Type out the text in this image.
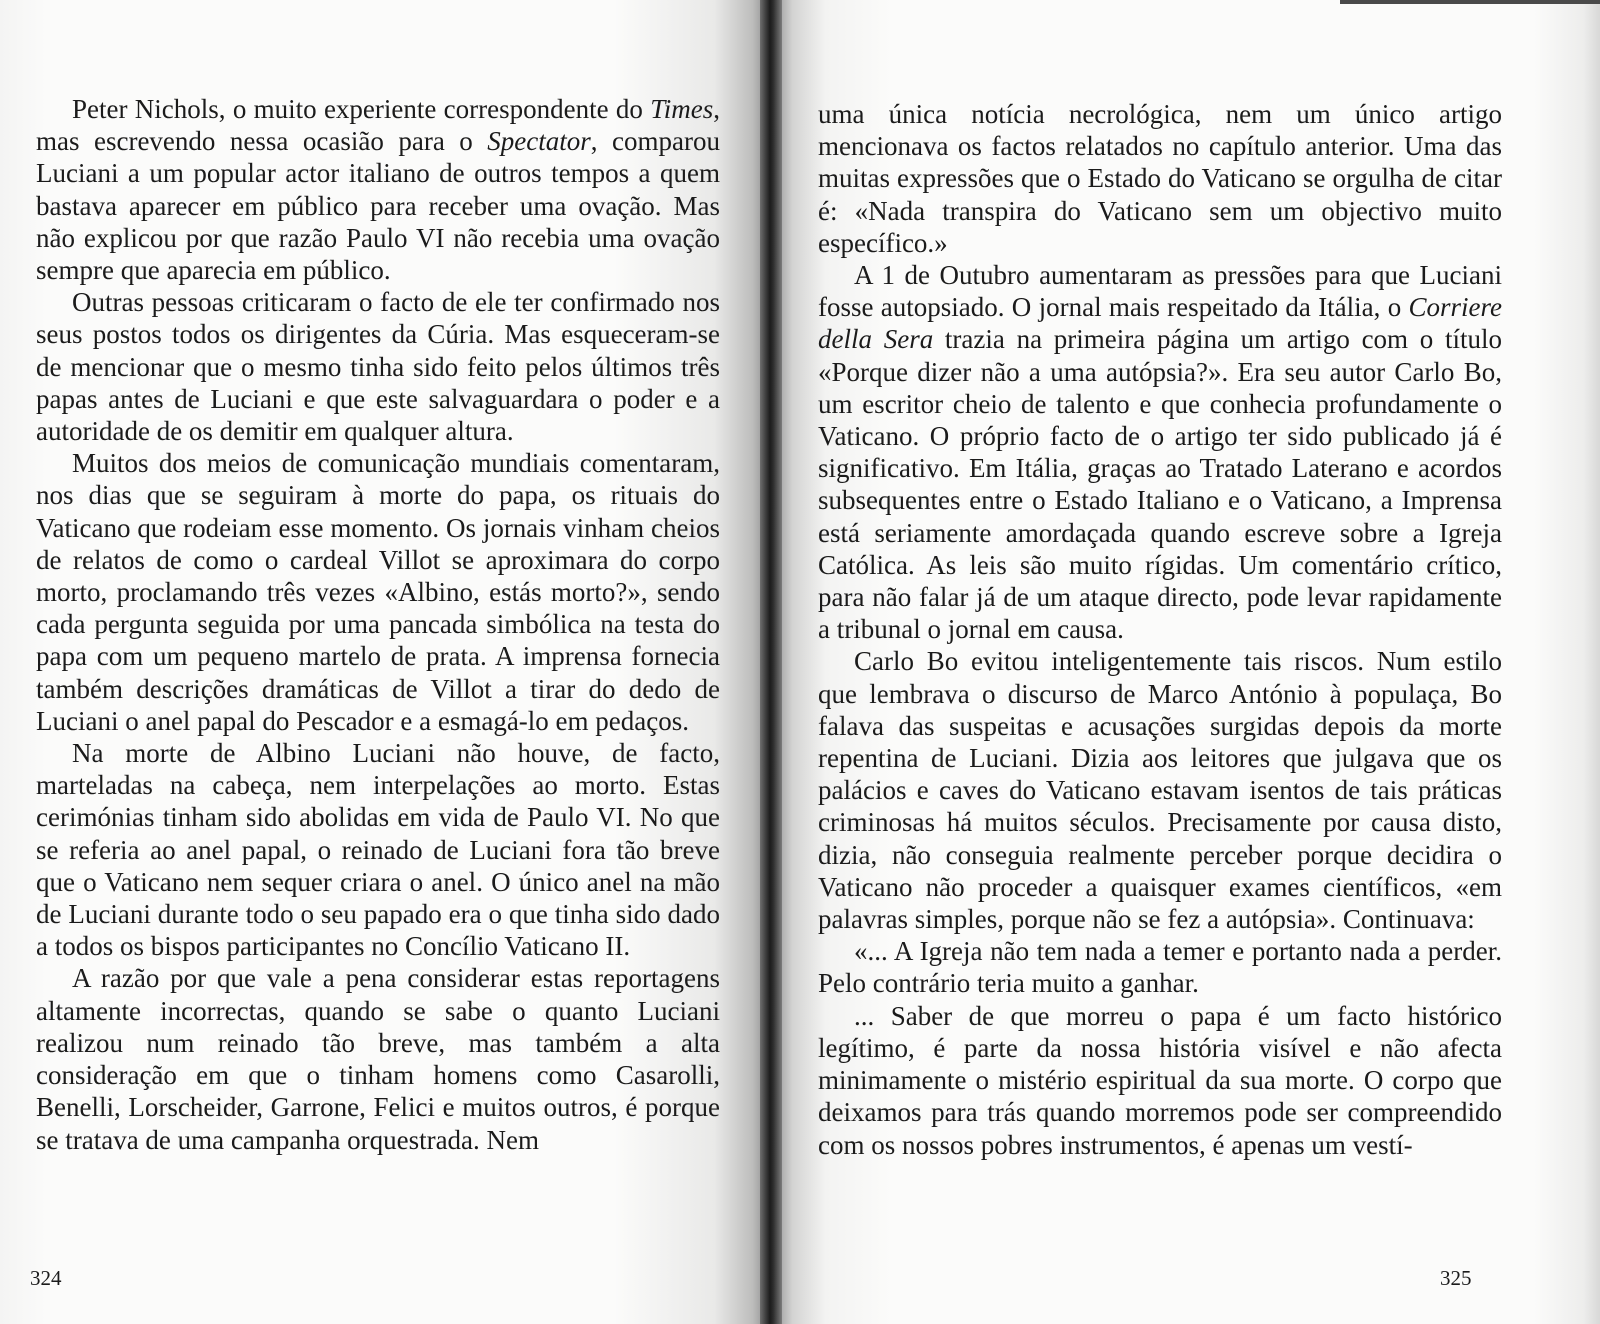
Peter Nichols, o muito experiente correspondente do Times, mas escrevendo nessa ocasião para o Spectator, comparou Luciani a um popular actor italiano de outros tempos a quem bastava aparecer em público para receber uma ovação. Mas não explicou por que razão Paulo VI não recebia uma ovação sempre que aparecia em público.

Outras pessoas criticaram o facto de ele ter confirmado nos seus postos todos os dirigentes da Cúria. Mas esqueceram-se de mencionar que o mesmo tinha sido feito pelos últimos três papas antes de Luciani e que este salvaguardara o poder e a autoridade de os demitir em qualquer altura.

Muitos dos meios de comunicação mundiais comentaram, nos dias que se seguiram à morte do papa, os rituais do Vaticano que rodeiam esse momento. Os jornais vinham cheios de relatos de como o cardeal Villot se aproximara do corpo morto, proclamando três vezes «Albino, estás morto?», sendo cada pergunta seguida por uma pancada simbólica na testa do papa com um pequeno martelo de prata. A imprensa fornecia também descrições dramáticas de Villot a tirar do dedo de Luciani o anel papal do Pescador e a esmagá-lo em pedaços.

Na morte de Albino Luciani não houve, de facto, marteladas na cabeça, nem interpelações ao morto. Estas cerimónias tinham sido abolidas em vida de Paulo VI. No que se referia ao anel papal, o reinado de Luciani fora tão breve que o Vaticano nem sequer criara o anel. O único anel na mão de Luciani durante todo o seu papado era o que tinha sido dado a todos os bispos participantes no Concílio Vaticano II.

A razão por que vale a pena considerar estas reportagens altamente incorrectas, quando se sabe o quanto Luciani realizou num reinado tão breve, mas também a alta consideração em que o tinham homens como Casarolli, Benelli, Lorscheider, Garrone, Felici e muitos outros, é porque se tratava de uma campanha orquestrada. Nem

324

uma única notícia necrológica, nem um único artigo mencionava os factos relatados no capítulo anterior. Uma das muitas expressões que o Estado do Vaticano se orgulha de citar é: «Nada transpira do Vaticano sem um objectivo muito específico.»

A 1 de Outubro aumentaram as pressões para que Luciani fosse autopsiado. O jornal mais respeitado da Itália, o Corriere della Sera trazia na primeira página um artigo com o título «Porque dizer não a uma autópsia?». Era seu autor Carlo Bo, um escritor cheio de talento e que conhecia profundamente o Vaticano. O próprio facto de o artigo ter sido publicado já é significativo. Em Itália, graças ao Tratado Laterano e acordos subsequentes entre o Estado Italiano e o Vaticano, a Imprensa está seriamente amordaçada quando escreve sobre a Igreja Católica. As leis são muito rígidas. Um comentário crítico, para não falar já de um ataque directo, pode levar rapidamente a tribunal o jornal em causa.

Carlo Bo evitou inteligentemente tais riscos. Num estilo que lembrava o discurso de Marco António à populaça, Bo falava das suspeitas e acusações surgidas depois da morte repentina de Luciani. Dizia aos leitores que julgava que os palácios e caves do Vaticano estavam isentos de tais práticas criminosas há muitos séculos. Precisamente por causa disto, dizia, não conseguia realmente perceber porque decidira o Vaticano não proceder a quaisquer exames científicos, «em palavras simples, porque não se fez a autópsia». Continuava:

«... A Igreja não tem nada a temer e portanto nada a perder. Pelo contrário teria muito a ganhar.

... Saber de que morreu o papa é um facto histórico legítimo, é parte da nossa história visível e não afecta minimamente o mistério espiritual da sua morte. O corpo que deixamos para trás quando morremos pode ser compreendido com os nossos pobres instrumentos, é apenas um vestí-

325
